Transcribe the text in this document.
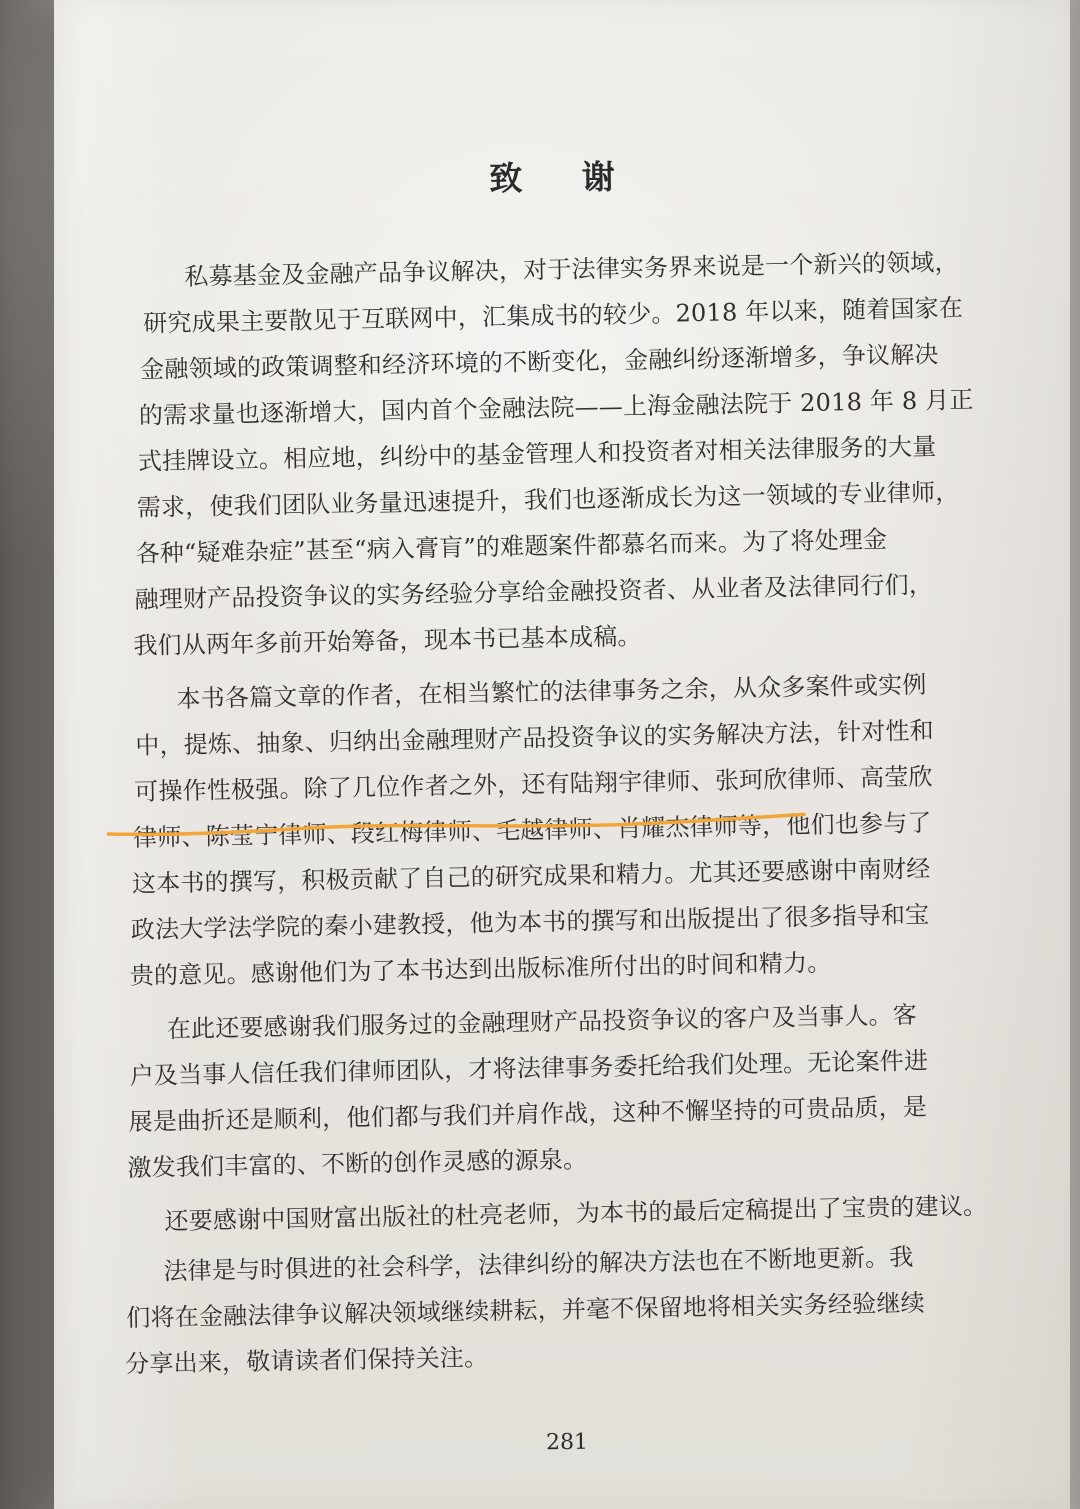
致 谢
私募基金及金融产品争议解决，对于法律实务界来说是一个新兴的领域，
研究成果主要散见于互联网中，汇集成书的较少。2018 年以来，随着国家在
金融领域的政策调整和经济环境的不断变化，金融纠纷逐渐增多，争议解决
的需求量也逐渐增大，国内首个金融法院——上海金融法院于 2018 年 8 月正
式挂牌设立。相应地，纠纷中的基金管理人和投资者对相关法律服务的大量
需求，使我们团队业务量迅速提升，我们也逐渐成长为这一领域的专业律师，
各种“疑难杂症”甚至“病入膏肓”的难题案件都慕名而来。为了将处理金
融理财产品投资争议的实务经验分享给金融投资者、从业者及法律同行们，
我们从两年多前开始筹备，现本书已基本成稿。
本书各篇文章的作者，在相当繁忙的法律事务之余，从众多案件或实例
中，提炼、抽象、归纳出金融理财产品投资争议的实务解决方法，针对性和
可操作性极强。除了几位作者之外，还有陆翔宇律师、张珂欣律师、高莹欣
律师、陈莹宁律师、段红梅律师、毛越律师、肖耀杰律师等，他们也参与了
这本书的撰写，积极贡献了自己的研究成果和精力。尤其还要感谢中南财经
政法大学法学院的秦小建教授，他为本书的撰写和出版提出了很多指导和宝
贵的意见。感谢他们为了本书达到出版标准所付出的时间和精力。
在此还要感谢我们服务过的金融理财产品投资争议的客户及当事人。客
户及当事人信任我们律师团队，才将法律事务委托给我们处理。无论案件进
展是曲折还是顺利，他们都与我们并肩作战，这种不懈坚持的可贵品质，是
激发我们丰富的、不断的创作灵感的源泉。
还要感谢中国财富出版社的杜亮老师，为本书的最后定稿提出了宝贵的建议。
法律是与时俱进的社会科学，法律纠纷的解决方法也在不断地更新。我
们将在金融法律争议解决领域继续耕耘，并毫不保留地将相关实务经验继续
分享出来，敬请读者们保持关注。
281
